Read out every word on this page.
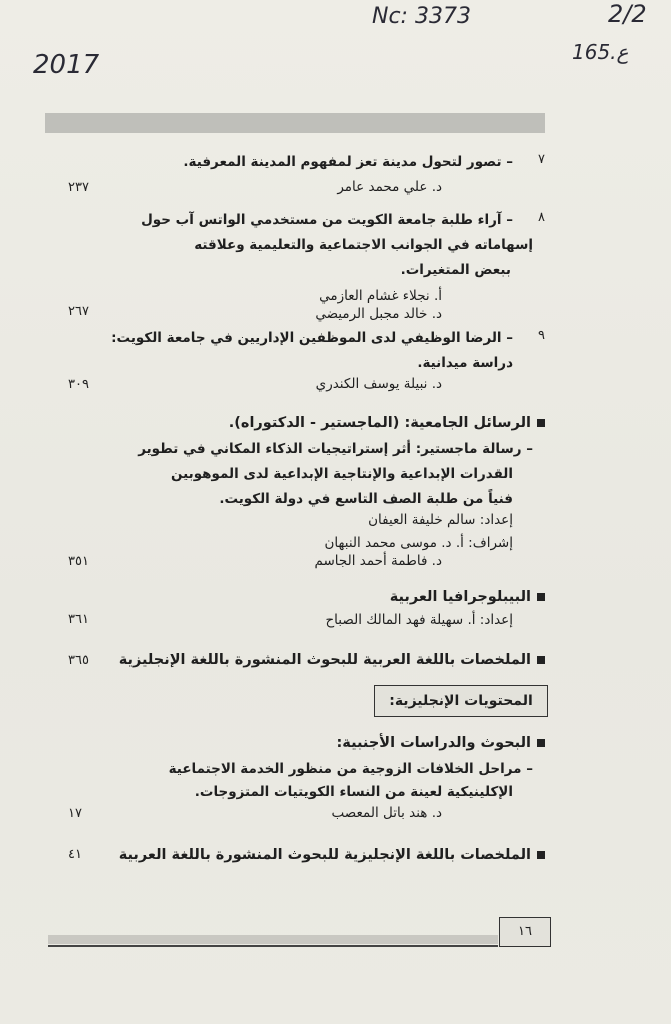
Nc: 3373	2/2
2017	165.ع
٧
– تصور لتحول مدينة تعز لمفهوم المدينة المعرفية.
د. علي محمد عامر
٢٣٧
٨
– آراء طلبة جامعة الكويت من مستخدمي الواتس آب حول
إسهاماته في الجوانب الاجتماعية والتعليمية وعلاقته
ببعض المتغيرات.
أ. نجلاء غشام العازمي
د. خالد مجبل الرميضي
٢٦٧
٩
– الرضا الوظيفي لدى الموظفين الإداريين في جامعة الكويت:
دراسة ميدانية.
د. نبيلة يوسف الكندري
٣٠٩
الرسائل الجامعية: (الماجستير - الدكتوراه).
– رسالة ماجستير: أثر إستراتيجيات الذكاء المكاني في تطوير
القدرات الإبداعية والإنتاجية الإبداعية لدى الموهوبين
فنياً من طلبة الصف التاسع في دولة الكويت.
إعداد: سالم خليفة العيفان
إشراف: أ. د. موسى محمد النبهان
د. فاطمة أحمد الجاسم
٣٥١
البيبلوجرافيا العربية
إعداد: أ. سهيلة فهد المالك الصباح
٣٦١
الملخصات باللغة العربية للبحوث المنشورة باللغة الإنجليزية
٣٦٥
المحتويات الإنجليزية:
البحوث والدراسات الأجنبية:
– مراحل الخلافات الزوجية من منظور الخدمة الاجتماعية
الإكلينيكية لعينة من النساء الكويتيات المتزوجات.
د. هند باتل المعصب
١٧
الملخصات باللغة الإنجليزية للبحوث المنشورة باللغة العربية
٤١
١٦
